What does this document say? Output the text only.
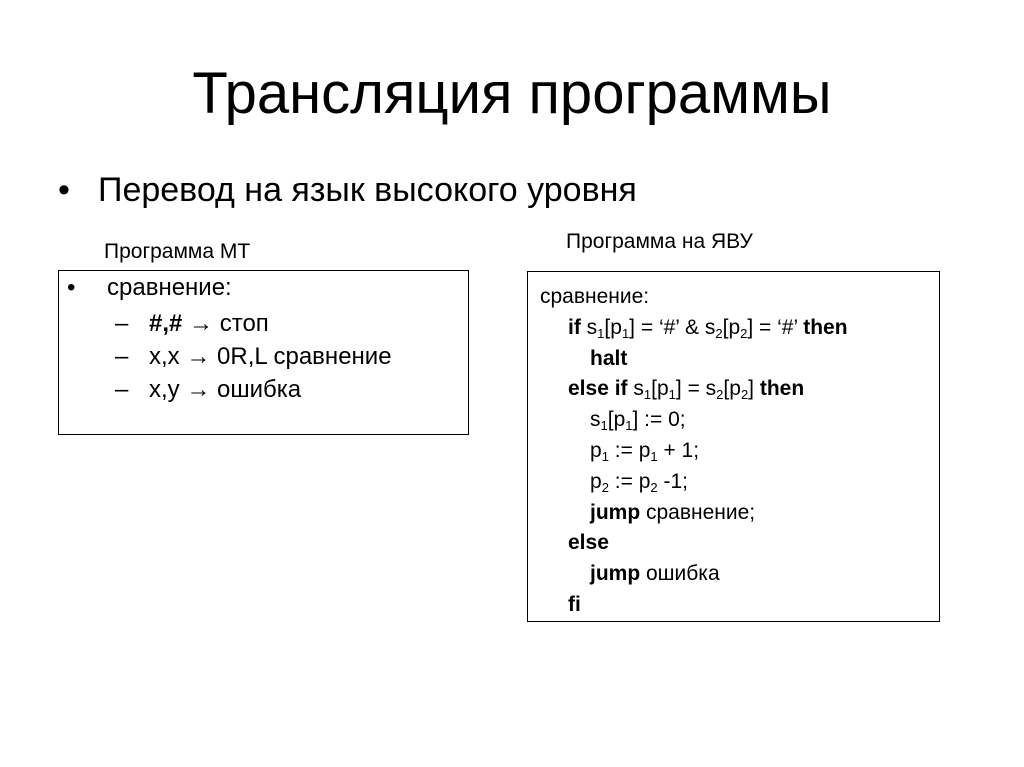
Трансляция программы
• Перевод на язык высокого уровня
Программа МТ	Программа на ЯВУ
• сравнение:
– #,# → стоп
– x,x → 0R,L сравнение
– x,y → ошибка
сравнение:
if $s_1[p_1]$ = ‘#’ & $s_2[p_2]$ = ‘#’ then
halt
else if $s_1[p_1] = s_2[p_2]$ then
$s_1[p_1]$ := 0;
$p_1$ := $p_1 + 1$;
$p_2$ := $p_2$ -1;
jump сравнение;
else
jump ошибка
fi
